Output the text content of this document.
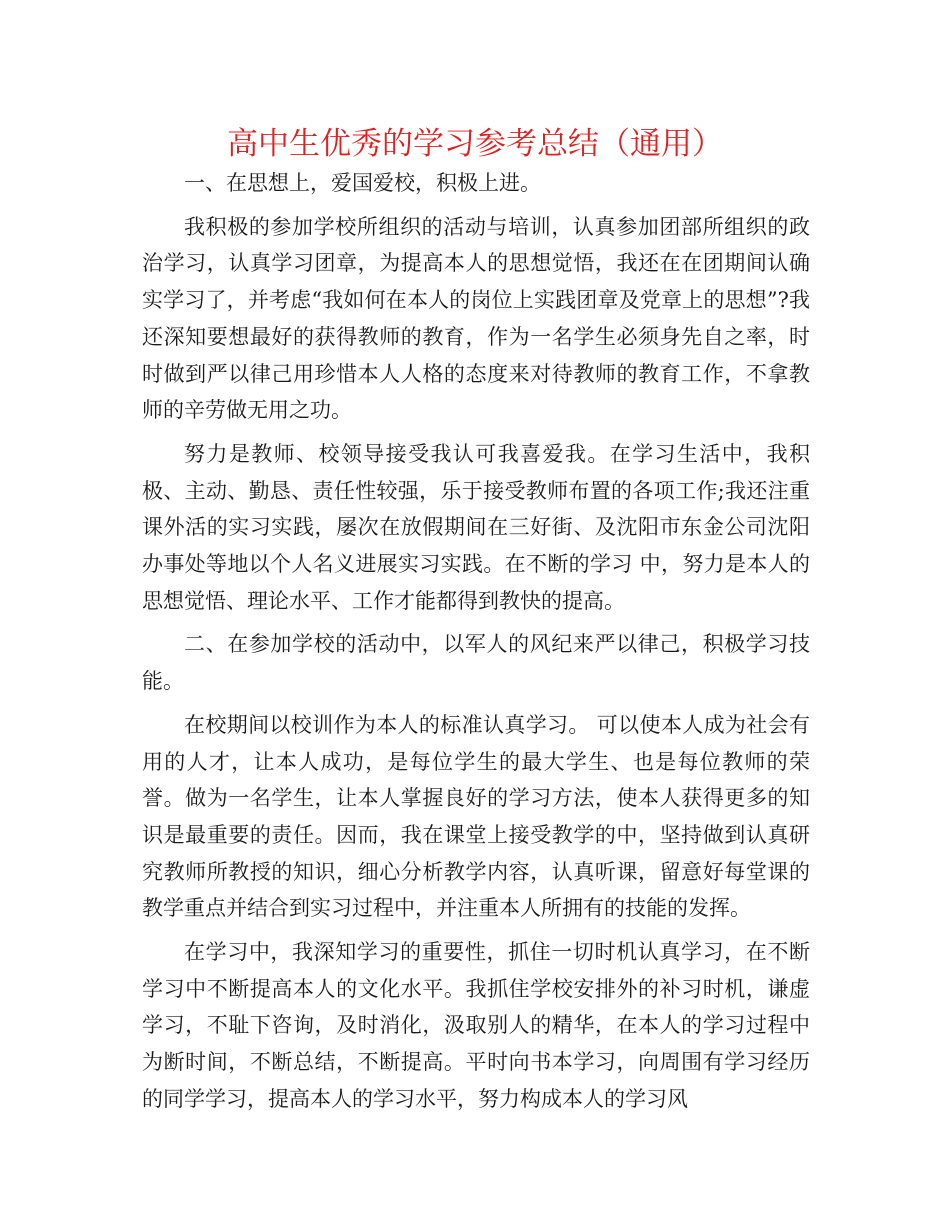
高中生优秀的学习参考总结（通用）

一、在思想上，爱国爱校，积极上进。

我积极的参加学校所组织的活动与培训，认真参加团部所组织的政治学习，认真学习团章，为提高本人的思想觉悟，我还在在团期间认确实学习了，并考虑“我如何在本人的岗位上实践团章及党章上的思想”?我还深知要想最好的获得教师的教育，作为一名学生必须身先自之率，时时做到严以律己用珍惜本人人格的态度来对待教师的教育工作，不拿教师的辛劳做无用之功。

努力是教师、校领导接受我认可我喜爱我。在学习生活中，我积极、主动、勤恳、责任性较强，乐于接受教师布置的各项工作;我还注重课外活的实习实践，屡次在放假期间在三好街、及沈阳市东金公司沈阳办事处等地以个人名义进展实习实践。在不断的学习 中，努力是本人的思想觉悟、理论水平、工作才能都得到教快的提高。

二、在参加学校的活动中，以军人的风纪来严以律己，积极学习技能。

在校期间以校训作为本人的标准认真学习。 可以使本人成为社会有用的人才，让本人成功，是每位学生的最大学生、也是每位教师的荣誉。做为一名学生，让本人掌握良好的学习方法，使本人获得更多的知识是最重要的责任。因而，我在课堂上接受教学的中，坚持做到认真研究教师所教授的知识，细心分析教学内容，认真听课，留意好每堂课的教学重点并结合到实习过程中，并注重本人所拥有的技能的发挥。

在学习中，我深知学习的重要性，抓住一切时机认真学习，在不断学习中不断提高本人的文化水平。我抓住学校安排外的补习时机，谦虚学习，不耻下咨询，及时消化，汲取别人的精华，在本人的学习过程中为断时间，不断总结，不断提高。平时向书本学习，向周围有学习经历的同学学习，提高本人的学习水平，努力构成本人的学习风
